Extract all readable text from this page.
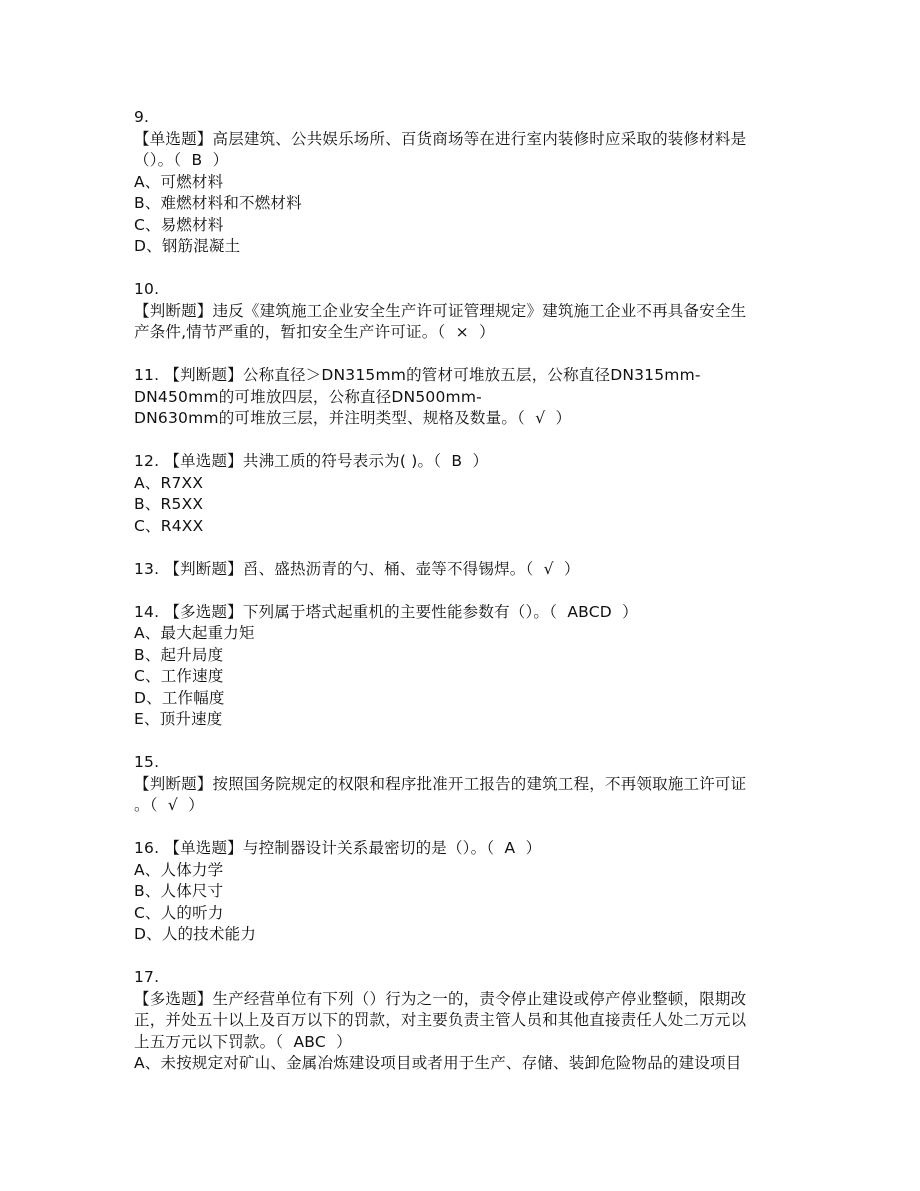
9.
【单选题】高层建筑、公共娱乐场所、百货商场等在进行室内装修时应采取的装修材料是
（）。（  B  ）
A、可燃材料
B、难燃材料和不燃材料
C、易燃材料
D、钢筋混凝土
10.
【判断题】违反《建筑施工企业安全生产许可证管理规定》建筑施工企业不再具备安全生
产条件,情节严重的，暂扣安全生产许可证。（  ×  ）
11. 【判断题】公称直径＞DN315mm的管材可堆放五层，公称直径DN315mm-
DN450mm的可堆放四层，公称直径DN500mm-
DN630mm的可堆放三层，并注明类型、规格及数量。（  √  ）
12. 【单选题】共沸工质的符号表示为( )。（  B  ）
A、R7XX
B、R5XX
C、R4XX
13. 【判断题】舀、盛热沥青的勺、桶、壶等不得锡焊。（  √  ）
14. 【多选题】下列属于塔式起重机的主要性能参数有（）。（  ABCD  ）
A、最大起重力矩
B、起升局度
C、工作速度
D、工作幅度
E、顶升速度
15.
【判断题】按照国务院规定的权限和程序批准开工报告的建筑工程，不再领取施工许可证
。（  √  ）
16. 【单选题】与控制器设计关系最密切的是（）。（  A  ）
A、人体力学
B、人体尺寸
C、人的听力
D、人的技术能力
17.
【多选题】生产经营单位有下列（）行为之一的，责令停止建设或停产停业整顿，限期改
正，并处五十以上及百万以下的罚款，对主要负责主管人员和其他直接责任人处二万元以
上五万元以下罚款。（  ABC  ）
A、未按规定对矿山、金属冶炼建设项目或者用于生产、存储、装卸危险物品的建设项目
